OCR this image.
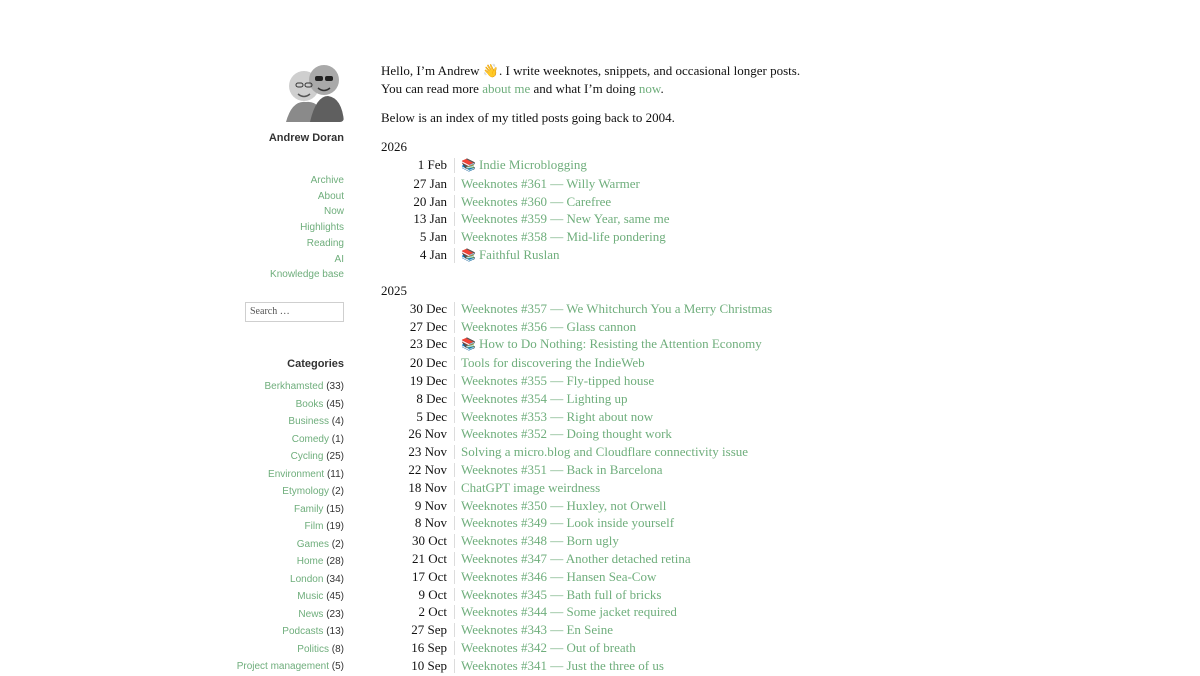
Andrew Doran
Archive
About
Now
Highlights
Reading
AI
Knowledge base
Search …
Categories
Berkhamsted (33)
Books (45)
Business (4)
Comedy (1)
Cycling (25)
Environment (11)
Etymology (2)
Family (15)
Film (19)
Games (2)
Home (28)
London (34)
Music (45)
News (23)
Podcasts (13)
Politics (8)
Project management (5)

Hello, I’m Andrew 👋. I write weeknotes, snippets, and occasional longer posts. You can read more about me and what I’m doing now.

Below is an index of my titled posts going back to 2004.

2026
1 Feb	📚 Indie Microblogging
27 Jan	Weeknotes #361 — Willy Warmer
20 Jan	Weeknotes #360 — Carefree
13 Jan	Weeknotes #359 — New Year, same me
5 Jan	Weeknotes #358 — Mid-life pondering
4 Jan	📚 Faithful Ruslan
2025
30 Dec	Weeknotes #357 — We Whitchurch You a Merry Christmas
27 Dec	Weeknotes #356 — Glass cannon
23 Dec	📚 How to Do Nothing: Resisting the Attention Economy
20 Dec	Tools for discovering the IndieWeb
19 Dec	Weeknotes #355 — Fly-tipped house
8 Dec	Weeknotes #354 — Lighting up
5 Dec	Weeknotes #353 — Right about now
26 Nov	Weeknotes #352 — Doing thought work
23 Nov	Solving a micro.blog and Cloudflare connectivity issue
22 Nov	Weeknotes #351 — Back in Barcelona
18 Nov	ChatGPT image weirdness
9 Nov	Weeknotes #350 — Huxley, not Orwell
8 Nov	Weeknotes #349 — Look inside yourself
30 Oct	Weeknotes #348 — Born ugly
21 Oct	Weeknotes #347 — Another detached retina
17 Oct	Weeknotes #346 — Hansen Sea-Cow
9 Oct	Weeknotes #345 — Bath full of bricks
2 Oct	Weeknotes #344 — Some jacket required
27 Sep	Weeknotes #343 — En Seine
16 Sep	Weeknotes #342 — Out of breath
10 Sep	Weeknotes #341 — Just the three of us
